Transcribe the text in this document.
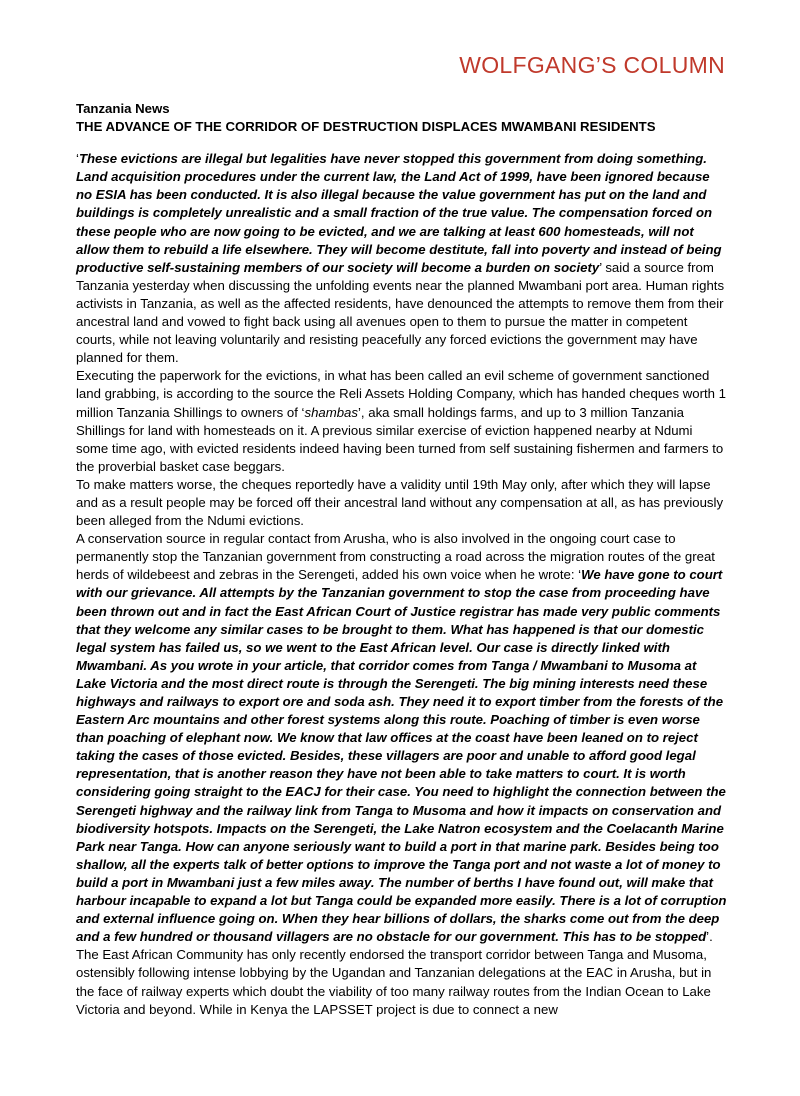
WOLFGANG’S COLUMN
Tanzania News
THE ADVANCE OF THE CORRIDOR OF DESTRUCTION DISPLACES MWAMBANI RESIDENTS

‘These evictions are illegal but legalities have never stopped this government from doing something. Land acquisition procedures under the current law, the Land Act of 1999, have been ignored because no ESIA has been conducted. It is also illegal because the value government has put on the land and buildings is completely unrealistic and a small fraction of the true value. The compensation forced on these people who are now going to be evicted, and we are talking at least 600 homesteads, will not allow them to rebuild a life elsewhere. They will become destitute, fall into poverty and instead of being productive self-sustaining members of our society will become a burden on society’ said a source from Tanzania yesterday when discussing the unfolding events near the planned Mwambani port area. Human rights activists in Tanzania, as well as the affected residents, have denounced the attempts to remove them from their ancestral land and vowed to fight back using all avenues open to them to pursue the matter in competent courts, while not leaving voluntarily and resisting peacefully any forced evictions the government may have planned for them.

Executing the paperwork for the evictions, in what has been called an evil scheme of government sanctioned land grabbing, is according to the source the Reli Assets Holding Company, which has handed cheques worth 1 million Tanzania Shillings to owners of ‘shambas’, aka small holdings farms, and up to 3 million Tanzania Shillings for land with homesteads on it. A previous similar exercise of eviction happened nearby at Ndumi some time ago, with evicted residents indeed having been turned from self sustaining fishermen and farmers to the proverbial basket case beggars.

To make matters worse, the cheques reportedly have a validity until 19th May only, after which they will lapse and as a result people may be forced off their ancestral land without any compensation at all, as has previously been alleged from the Ndumi evictions.

A conservation source in regular contact from Arusha, who is also involved in the ongoing court case to permanently stop the Tanzanian government from constructing a road across the migration routes of the great herds of wildebeest and zebras in the Serengeti, added his own voice when he wrote: ‘We have gone to court with our grievance. All attempts by the Tanzanian government to stop the case from proceeding have been thrown out and in fact the East African Court of Justice registrar has made very public comments that they welcome any similar cases to be brought to them. What has happened is that our domestic legal system has failed us, so we went to the East African level. Our case is directly linked with Mwambani. As you wrote in your article, that corridor comes from Tanga / Mwambani to Musoma at Lake Victoria and the most direct route is through the Serengeti. The big mining interests need these highways and railways to export ore and soda ash. They need it to export timber from the forests of the Eastern Arc mountains and other forest systems along this route. Poaching of timber is even worse than poaching of elephant now. We know that law offices at the coast have been leaned on to reject taking the cases of those evicted. Besides, these villagers are poor and unable to afford good legal representation, that is another reason they have not been able to take matters to court. It is worth considering going straight to the EACJ for their case. You need to highlight the connection between the Serengeti highway and the railway link from Tanga to Musoma and how it impacts on conservation and biodiversity hotspots. Impacts on the Serengeti, the Lake Natron ecosystem and the Coelacanth Marine Park near Tanga. How can anyone seriously want to build a port in that marine park. Besides being too shallow, all the experts talk of better options to improve the Tanga port and not waste a lot of money to build a port in Mwambani just a few miles away. The number of berths I have found out, will make that harbour incapable to expand a lot but Tanga could be expanded more easily. There is a lot of corruption and external influence going on. When they hear billions of dollars, the sharks come out from the deep and a few hundred or thousand villagers are no obstacle for our government. This has to be stopped’.

The East African Community has only recently endorsed the transport corridor between Tanga and Musoma, ostensibly following intense lobbying by the Ugandan and Tanzanian delegations at the EAC in Arusha, but in the face of railway experts which doubt the viability of too many railway routes from the Indian Ocean to Lake Victoria and beyond. While in Kenya the LAPSSET project is due to connect a new
